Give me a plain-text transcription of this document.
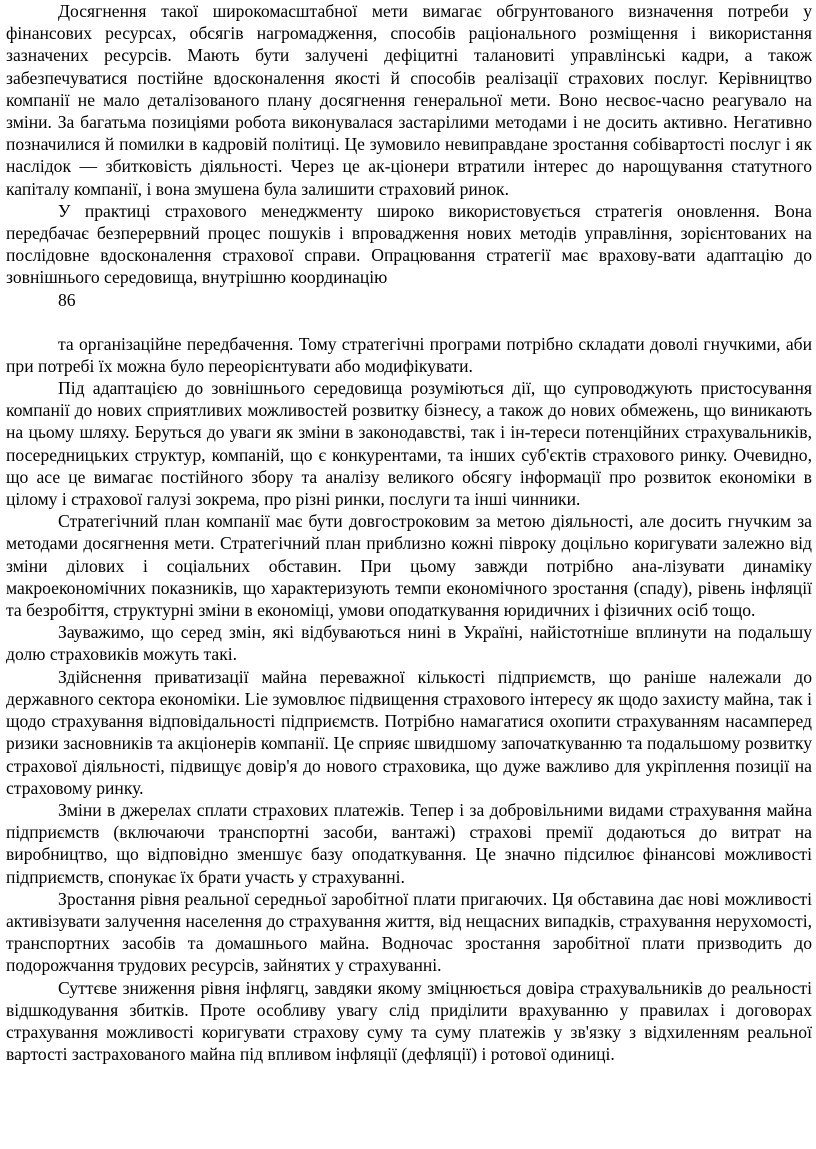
Досягнення такої широкомасштабної мети вимагає обгрунтованого визначення потреби у фінансових ресурсах, обсягів нагромадження, способів раціонального розміщення і використання зазначених ресурсів. Мають бути залучені дефіцитні талановиті управлінські кадри, а також забезпечуватися постійне вдосконалення якості й способів реалізації страхових послуг. Керівництво компанії не мало деталізованого плану досягнення генеральної мети. Воно несвоє-часно реагувало на зміни. За багатьма позиціями робота виконувалася застарілими методами і не досить активно. Негативно позначилися й помилки в кадровій політиці. Це зумовило невиправдане зростання собівартості послуг і як наслідок — збитковість діяльності. Через це ак-ціонери втратили інтерес до нарощування статутного капіталу компанії, і вона змушена була залишити страховий ринок.

У практиці страхового менеджменту широко використовується стратегія оновлення. Вона передбачає безперервний процес пошуків і впровадження нових методів управління, зорієнтованих на послідовне вдосконалення страхової справи. Опрацювання стратегії має врахову-вати адаптацію до зовнішнього середовища, внутрішню координацію

86

та організаційне передбачення. Тому стратегічні програми потрібно складати доволі гнучкими, аби при потребі їх можна було переорієнтувати або модифікувати.

Під адаптацією до зовнішнього середовища розуміються дії, що супроводжують пристосування компанії до нових сприятливих можливостей розвитку бізнесу, а також до нових обмежень, що виникають на цьому шляху. Беруться до уваги як зміни в законодавстві, так і ін-тереси потенційних страхувальників, посередницьких структур, компаній, що є конкурентами, та інших суб'єктів страхового ринку. Очевидно, що асе це вимагає постійного збору та аналізу великого обсягу інформації про розвиток економіки в цілому і страхової галузі зокрема, про різні ринки, послуги та інші чинники.

Стратегічний план компанії має бути довгостроковим за метою діяльності, але досить гнучким за методами досягнення мети. Стратегічний план приблизно кожні півроку доцільно коригувати залежно від зміни ділових і соціальних обставин. При цьому завжди потрібно ана-лізувати динаміку макроекономічних показників, що характеризують темпи економічного зростання (спаду), рівень інфляції та безробіття, структурні зміни в економіці, умови оподаткування юридичних і фізичних осіб тощо.

Зауважимо, що серед змін, які відбуваються нині в Україні, найістотніше вплинути на подальшу долю страховиків можуть такі.

Здійснення приватизації майна переважної кількості підприємств, що раніше належали до державного сектора економіки. Lie зумовлює підвищення страхового інтересу як щодо захисту майна, так і щодо страхування відповідальності підприємств. Потрібно намагатися охопити страхуванням насамперед ризики засновників та акціонерів компанії. Це сприяє швидшому започаткуванню та подальшому розвитку страхової діяльності, підвищує довір'я до нового страховика, що дуже важливо для укріплення позиції на страховому ринку.

Зміни в джерелах сплати страхових платежів. Тепер і за добровільними видами страхування майна підприємств (включаючи транспортні засоби, вантажі) страхові премії додаються до витрат на виробництво, що відповідно зменшує базу оподаткування. Це значно підсилює фінансові можливості підприємств, спонукає їх брати участь у страхуванні.

Зростання рівня реальної середньої заробітної плати пригаючих. Ця обставина дає нові можливості активізувати залучення населення до страхування життя, від нещасних випадків, страхування нерухомості, транспортних засобів та домашнього майна. Водночас зростання заробітної плати призводить до подорожчання трудових ресурсів, зайнятих у страхуванні.

Суттєве зниження рівня інфлягц, завдяки якому зміцнюється довіра страхувальників до реальності відшкодування збитків. Проте особливу увагу слід приділити врахуванню у правилах і договорах страхування можливості коригувати страхову суму та суму платежів у зв'язку з відхиленням реальної вартості застрахованого майна під впливом інфляції (дефляції) і ротової одиниці.
